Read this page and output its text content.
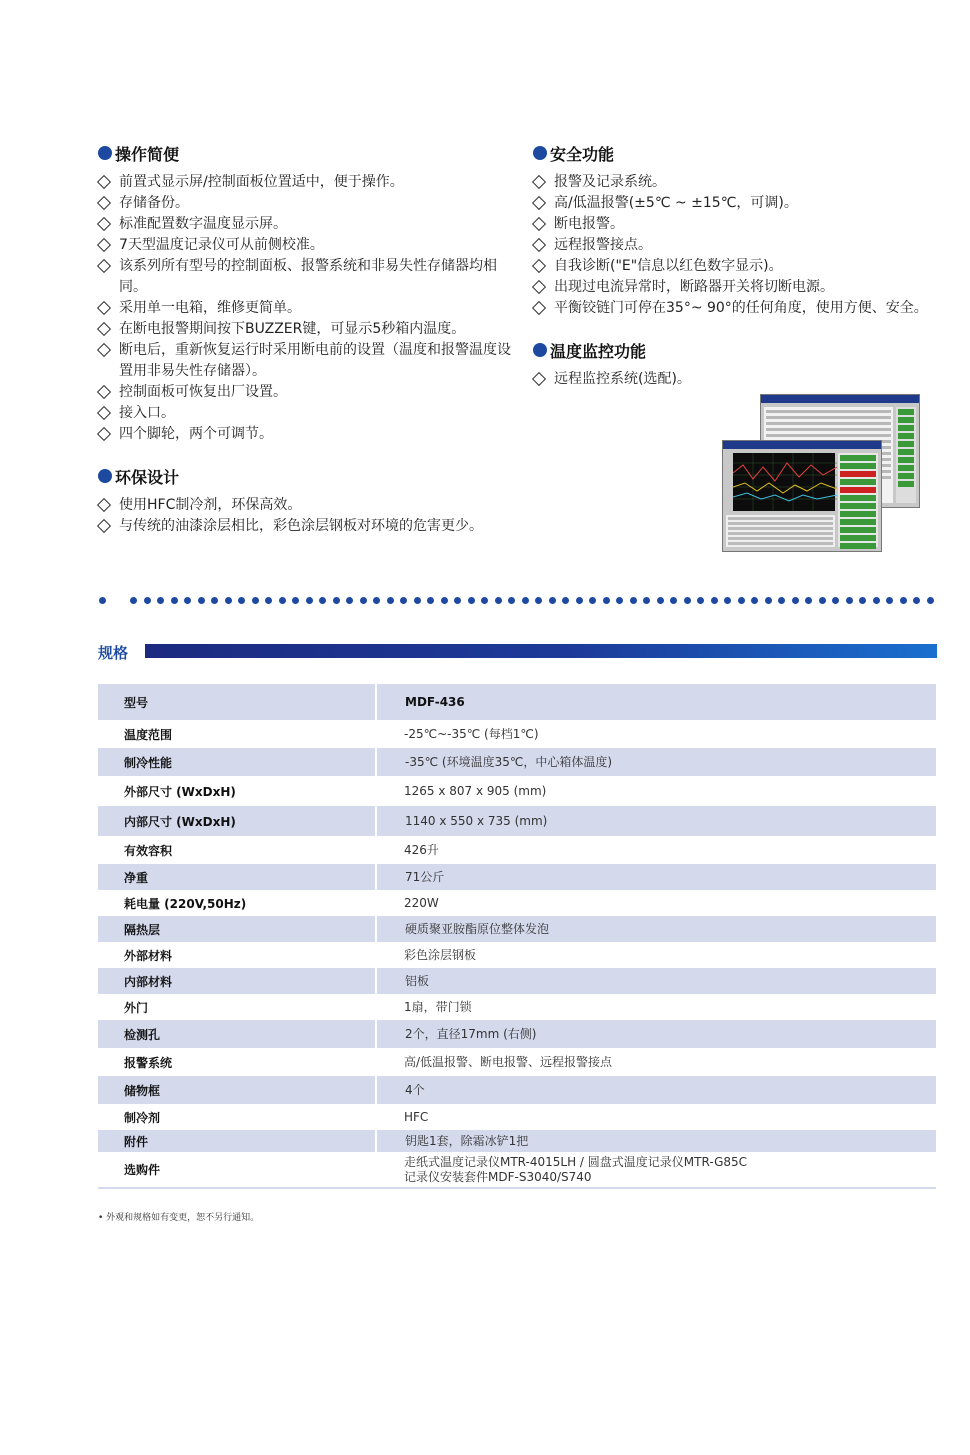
操作简便
前置式显示屏/控制面板位置适中，便于操作。
存储备份。
标准配置数字温度显示屏。
7天型温度记录仪可从前侧校准。
该系列所有型号的控制面板、报警系统和非易失性存储器均相同。
采用单一电箱，维修更简单。
在断电报警期间按下BUZZER键，可显示5秒箱内温度。
断电后，重新恢复运行时采用断电前的设置（温度和报警温度设置用非易失性存储器）。
控制面板可恢复出厂设置。
接入口。
四个脚轮，两个可调节。
环保设计
使用HFC制冷剂，环保高效。
与传统的油漆涂层相比，彩色涂层钢板对环境的危害更少。
安全功能
报警及记录系统。
高/低温报警(±5℃ ~ ±15℃，可调)。
断电报警。
远程报警接点。
自我诊断("E"信息以红色数字显示)。
出现过电流异常时，断路器开关将切断电源。
平衡铰链门可停在35°~ 90°的任何角度，使用方便、安全。
温度监控功能
远程监控系统(选配)。
规格
型号	MDF-436

温度范围	-25℃~-35℃ (每档1℃)

制冷性能	-35℃ (环境温度35℃，中心箱体温度)

外部尺寸 (WxDxH)	1265 x 807 x 905 (mm)

内部尺寸 (WxDxH)	1140 x 550 x 735 (mm)

有效容积	426升

净重	71公斤

耗电量 (220V,50Hz)	220W

隔热层	硬质聚亚胺酯原位整体发泡

外部材料	彩色涂层钢板

内部材料	铝板

外门	1扇，带门锁

检测孔	2个，直径17mm (右侧)

报警系统	高/低温报警、断电报警、远程报警接点

储物框	4个

制冷剂	HFC

附件	钥匙1套，除霜冰铲1把

选购件	走纸式温度记录仪MTR-4015LH / 圆盘式温度记录仪MTR-G85C
记录仪安装套件MDF-S3040/S740
• 外观和规格如有变更，恕不另行通知。
